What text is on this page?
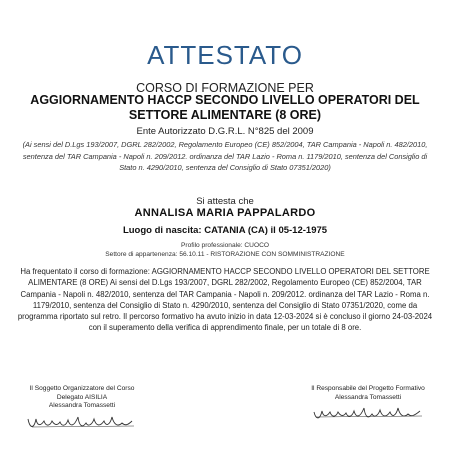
ATTESTATO
CORSO DI FORMAZIONE PER
AGGIORNAMENTO HACCP SECONDO LIVELLO OPERATORI DEL SETTORE ALIMENTARE (8 ORE)
Ente Autorizzato D.G.R.L. N°825 del 2009
(Ai sensi del D.Lgs 193/2007, DGRL 282/2002, Regolamento Europeo (CE) 852/2004, TAR Campania - Napoli n. 482/2010, sentenza del TAR Campania - Napoli n. 209/2012. ordinanza del TAR Lazio - Roma n. 1179/2010, sentenza del Consiglio di Stato n. 4290/2010, sentenza del Consiglio di Stato 07351/2020)
Si attesta che
ANNALISA MARIA PAPPALARDO
Luogo di nascita: CATANIA (CA) il 05-12-1975
Profilo professionale: CUOCO
Settore di appartenenza: 56.10.11 - RISTORAZIONE CON SOMMINISTRAZIONE
Ha frequentato il corso di formazione: AGGIORNAMENTO HACCP SECONDO LIVELLO OPERATORI DEL SETTORE ALIMENTARE (8 ORE) Ai sensi del D.Lgs 193/2007, DGRL 282/2002, Regolamento Europeo (CE) 852/2004, TAR Campania - Napoli n. 482/2010, sentenza del TAR Campania - Napoli n. 209/2012. ordinanza del TAR Lazio - Roma n. 1179/2010, sentenza del Consiglio di Stato n. 4290/2010, sentenza del Consiglio di Stato 07351/2020, come da programma riportato sul retro. Il percorso formativo ha avuto inizio in data 12-03-2024 si è concluso il giorno 24-03-2024 con il superamento della verifica di apprendimento finale, per un totale di 8 ore.
Il Soggetto Organizzatore del Corso
Delegato AISILIA
Alessandra Tomassetti
Il Responsabile del Progetto Formativo
Alessandra Tomassetti
